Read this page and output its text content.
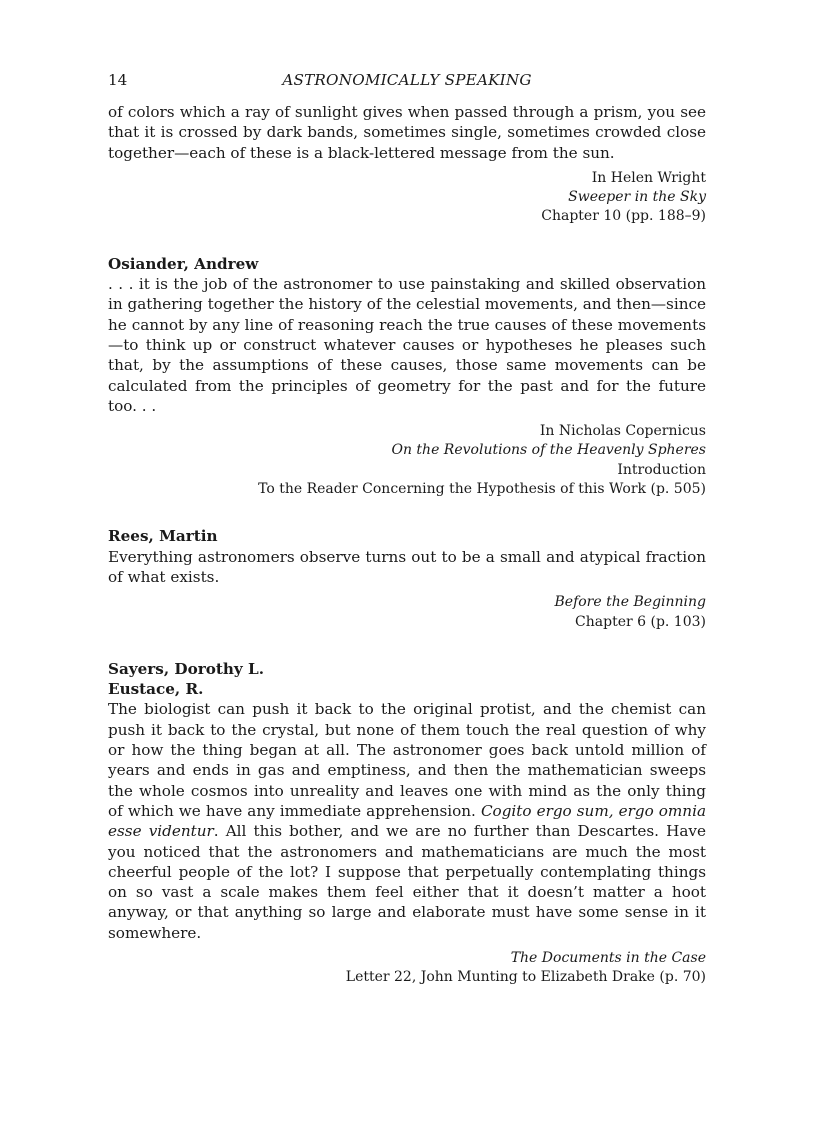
14	ASTRONOMICALLY SPEAKING

of colors which a ray of sunlight gives when passed through a prism, you see that it is crossed by dark bands, sometimes single, sometimes crowded close together—each of these is a black-lettered message from the sun.

In Helen Wright
Sweeper in the Sky
Chapter 10 (pp. 188–9)
Osiander, Andrew

. . . it is the job of the astronomer to use painstaking and skilled observation in gathering together the history of the celestial movements, and then—since he cannot by any line of reasoning reach the true causes of these movements—to think up or construct whatever causes or hypotheses he pleases such that, by the assumptions of these causes, those same movements can be calculated from the principles of geometry for the past and for the future too. . .

In Nicholas Copernicus
On the Revolutions of the Heavenly Spheres
Introduction
To the Reader Concerning the Hypothesis of this Work (p. 505)
Rees, Martin

Everything astronomers observe turns out to be a small and atypical fraction of what exists.

Before the Beginning
Chapter 6 (p. 103)
Sayers, Dorothy L.
Eustace, R.

The biologist can push it back to the original protist, and the chemist can push it back to the crystal, but none of them touch the real question of why or how the thing began at all. The astronomer goes back untold million of years and ends in gas and emptiness, and then the mathematician sweeps the whole cosmos into unreality and leaves one with mind as the only thing of which we have any immediate apprehension. Cogito ergo sum, ergo omnia esse videntur. All this bother, and we are no further than Descartes. Have you noticed that the astronomers and mathematicians are much the most cheerful people of the lot? I suppose that perpetually contemplating things on so vast a scale makes them feel either that it doesn’t matter a hoot anyway, or that anything so large and elaborate must have some sense in it somewhere.

The Documents in the Case
Letter 22, John Munting to Elizabeth Drake (p. 70)
